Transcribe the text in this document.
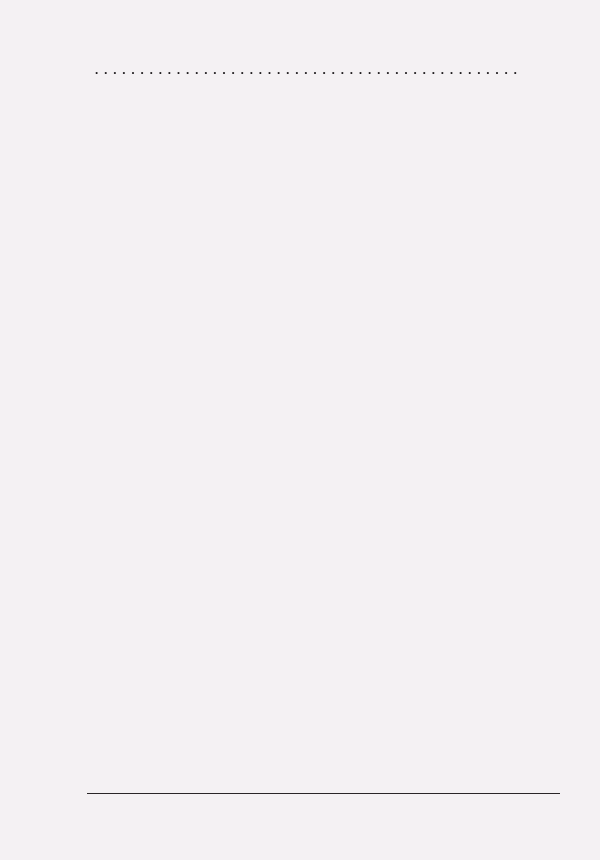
. . .
